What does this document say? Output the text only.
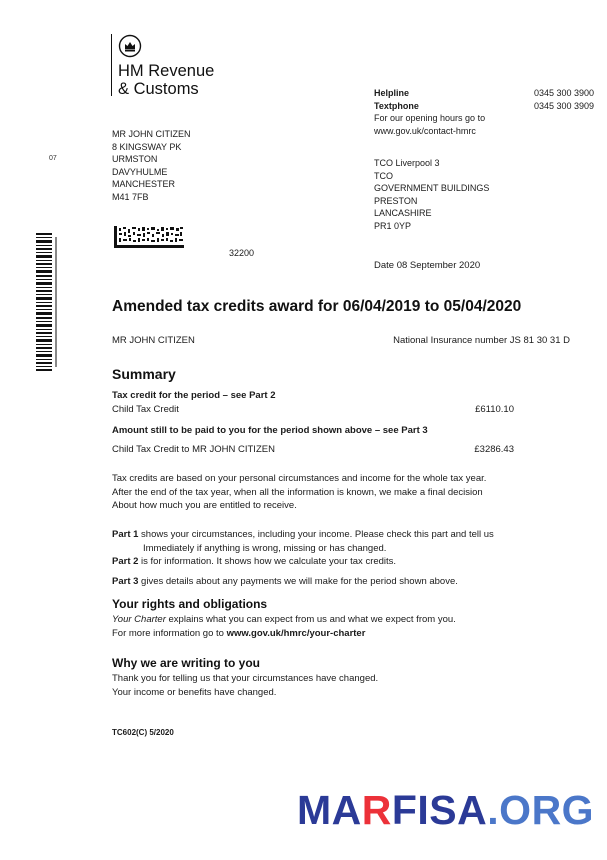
HM Revenue
& Customs
07
MR JOHN CITIZEN
8 KINGSWAY PK
URMSTON
DAVYHULME
MANCHESTER
M41 7FB
Helpline	0345 300 3900
Textphone	0345 300 3909
For our opening hours go to
www.gov.uk/contact-hmrc
TCO Liverpool 3
TCO
GOVERNMENT BUILDINGS
PRESTON
LANCASHIRE
PR1 0YP
32200
Date 08 September 2020
Amended tax credits award for 06/04/2019 to 05/04/2020
MR JOHN CITIZEN	National Insurance number JS 81 30 31 D
Summary
Tax credit for the period – see Part 2
Child Tax Credit	£6110.10
Amount still to be paid to you for the period shown above – see Part 3
Child Tax Credit to MR JOHN CITIZEN	£3286.43
Tax credits are based on your personal circumstances and income for the whole tax year.
After the end of the tax year, when all the information is known, we make a final decision
About how much you are entitled to receive.
Part 1 shows your circumstances, including your income. Please check this part and tell us
Immediately if anything is wrong, missing or has changed.
Part 2 is for information. It shows how we calculate your tax credits.
Part 3 gives details about any payments we will make for the period shown above.
Your rights and obligations
Your Charter explains what you can expect from us and what we expect from you.
For more information go to www.gov.uk/hmrc/your-charter
Why we are writing to you
Thank you for telling us that your circumstances have changed.
Your income or benefits have changed.
TC602(C) 5/2020
MARFISA.ORG
